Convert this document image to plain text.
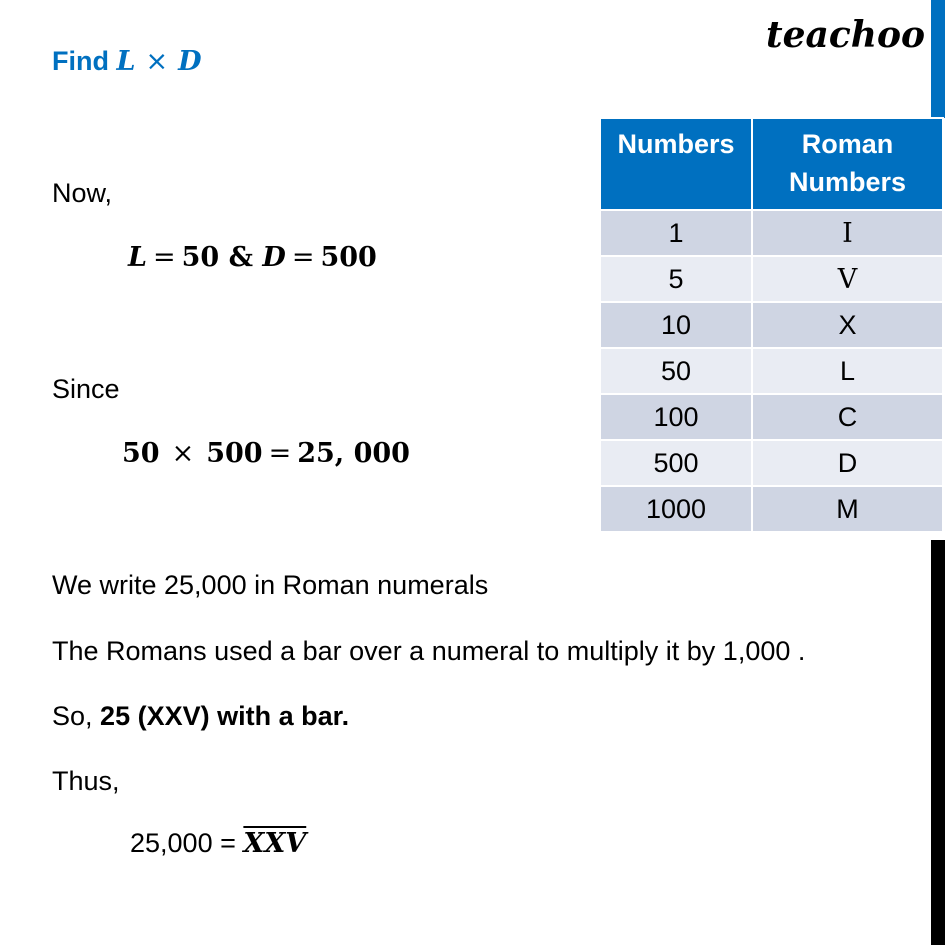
teachoo
Find L × D
Now,
L = 50 & D = 500
Since
50 × 500 = 25, 000
We write 25,000 in Roman numerals
The Romans used a bar over a numeral to multiply it by 1,000 .
So, 25 (XXV) with a bar.
Thus,
$25,000 = \overline{XXV}$
Numbers	Roman Numbers
1	I
5	V
10	X
50	L
100	C
500	D
1000	M
